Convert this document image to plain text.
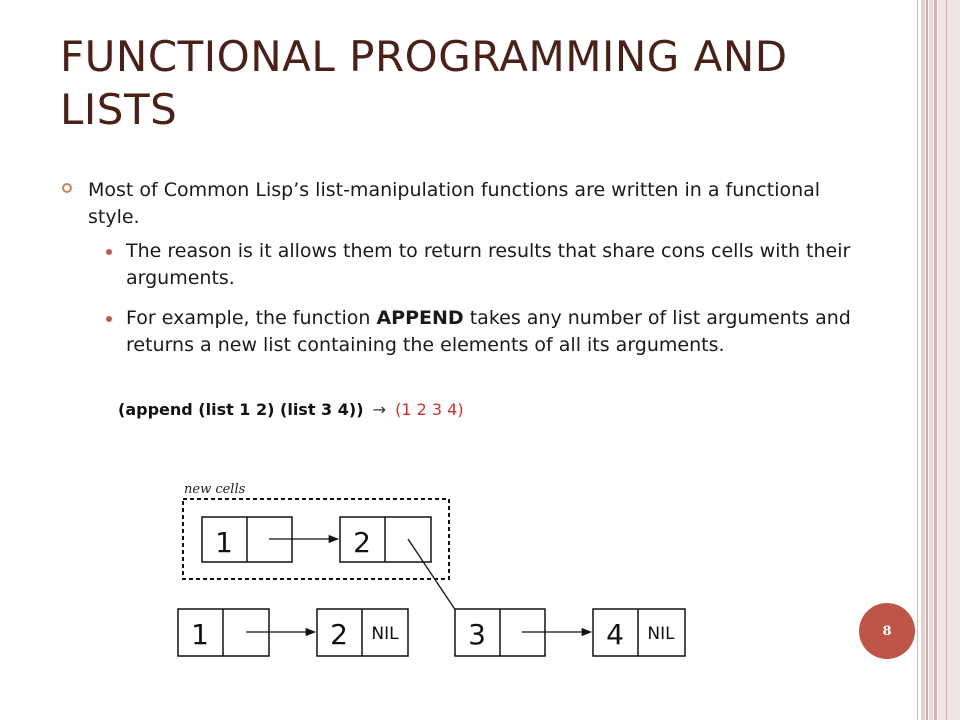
FUNCTIONAL PROGRAMMING AND LISTS
Most of Common Lisp’s list-manipulation functions are written in a functional style.
The reason is it allows them to return results that share cons cells with their arguments.
For example, the function APPEND takes any number of list arguments and returns a new list containing the elements of all its arguments.
(append (list 1 2) (list 3 4)) → (1 2 3 4)
new cells
1	2
1	2 NIL 3	4 NIL	8
